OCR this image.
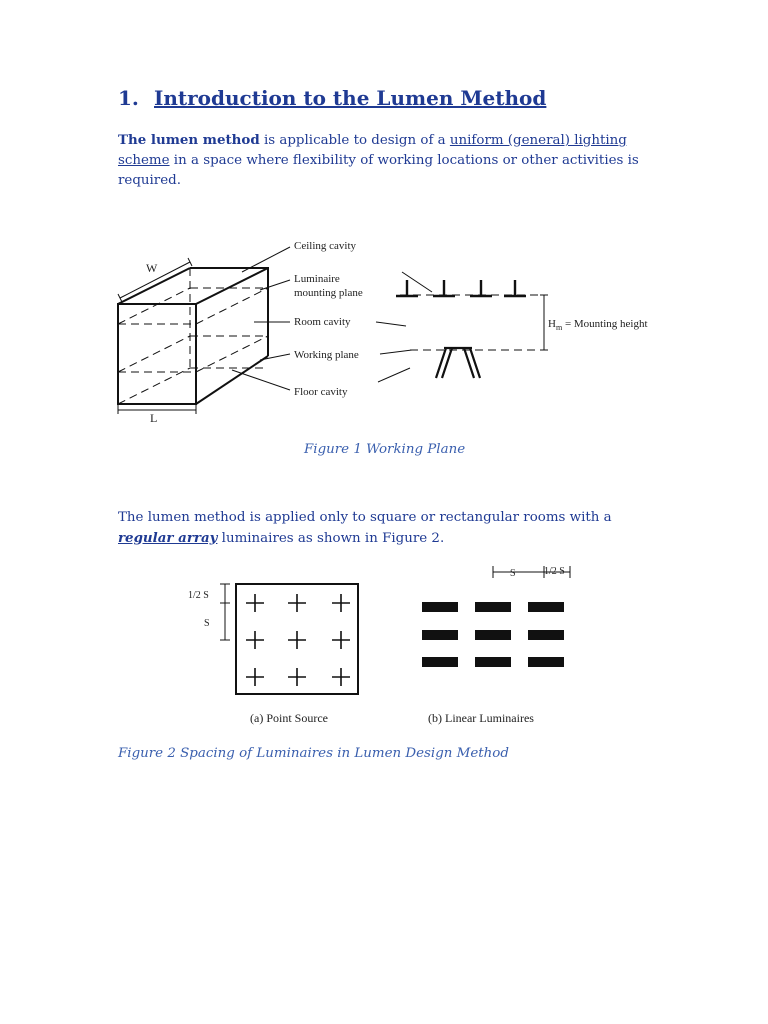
1. Introduction to the Lumen Method

The lumen method is applicable to design of a uniform (general) lighting scheme in a space where flexibility of working locations or other activities is required.

W
L
Ceiling cavity
Luminaire
mounting plane
Room cavity
Working plane
Floor cavity
$H_m$ = Mounting height

Figure 1 Working Plane

The lumen method is applied only to square or rectangular rooms with a regular array luminaires as shown in Figure 2.

1/2 S
S
S	1/2 S
(a) Point Source	(b) Linear Luminaires

Figure 2 Spacing of Luminaires in Lumen Design Method
